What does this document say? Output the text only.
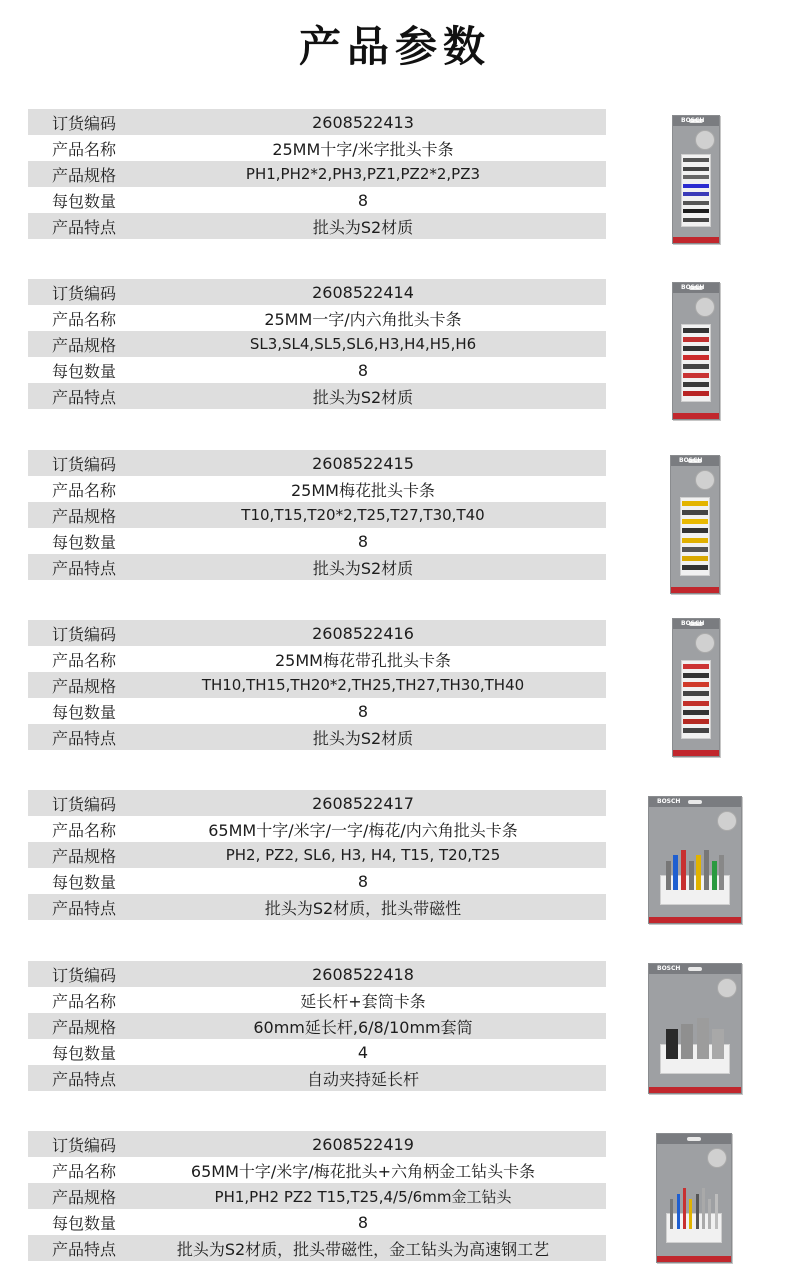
产品参数
订货编码	2608522413
产品名称	25MM十字/米字批头卡条
产品规格	PH1,PH2*2,PH3,PZ1,PZ2*2,PZ3
每包数量	8
产品特点	批头为S2材质
订货编码	2608522414
产品名称	25MM一字/内六角批头卡条
产品规格	SL3,SL4,SL5,SL6,H3,H4,H5,H6
每包数量	8
产品特点	批头为S2材质
订货编码	2608522415
产品名称	25MM梅花批头卡条
产品规格	T10,T15,T20*2,T25,T27,T30,T40
每包数量	8
产品特点	批头为S2材质
订货编码	2608522416
产品名称	25MM梅花带孔批头卡条
产品规格	TH10,TH15,TH20*2,TH25,TH27,TH30,TH40
每包数量	8
产品特点	批头为S2材质
订货编码	2608522417
产品名称	65MM十字/米字/一字/梅花/内六角批头卡条
产品规格	PH2, PZ2, SL6, H3, H4, T15, T20,T25
每包数量	8
产品特点	批头为S2材质，批头带磁性
订货编码	2608522418
产品名称	延长杆+套筒卡条
产品规格	60mm延长杆,6/8/10mm套筒
每包数量	4
产品特点	自动夹持延长杆
订货编码	2608522419
产品名称	65MM十字/米字/梅花批头+六角柄金工钻头卡条
产品规格	PH1,PH2 PZ2 T15,T25,4/5/6mm金工钻头
每包数量	8
产品特点	批头为S2材质，批头带磁性，金工钻头为高速钢工艺
BOSCH
BOSCH
BOSCH
BOSCH
BOSCH
BOSCH
